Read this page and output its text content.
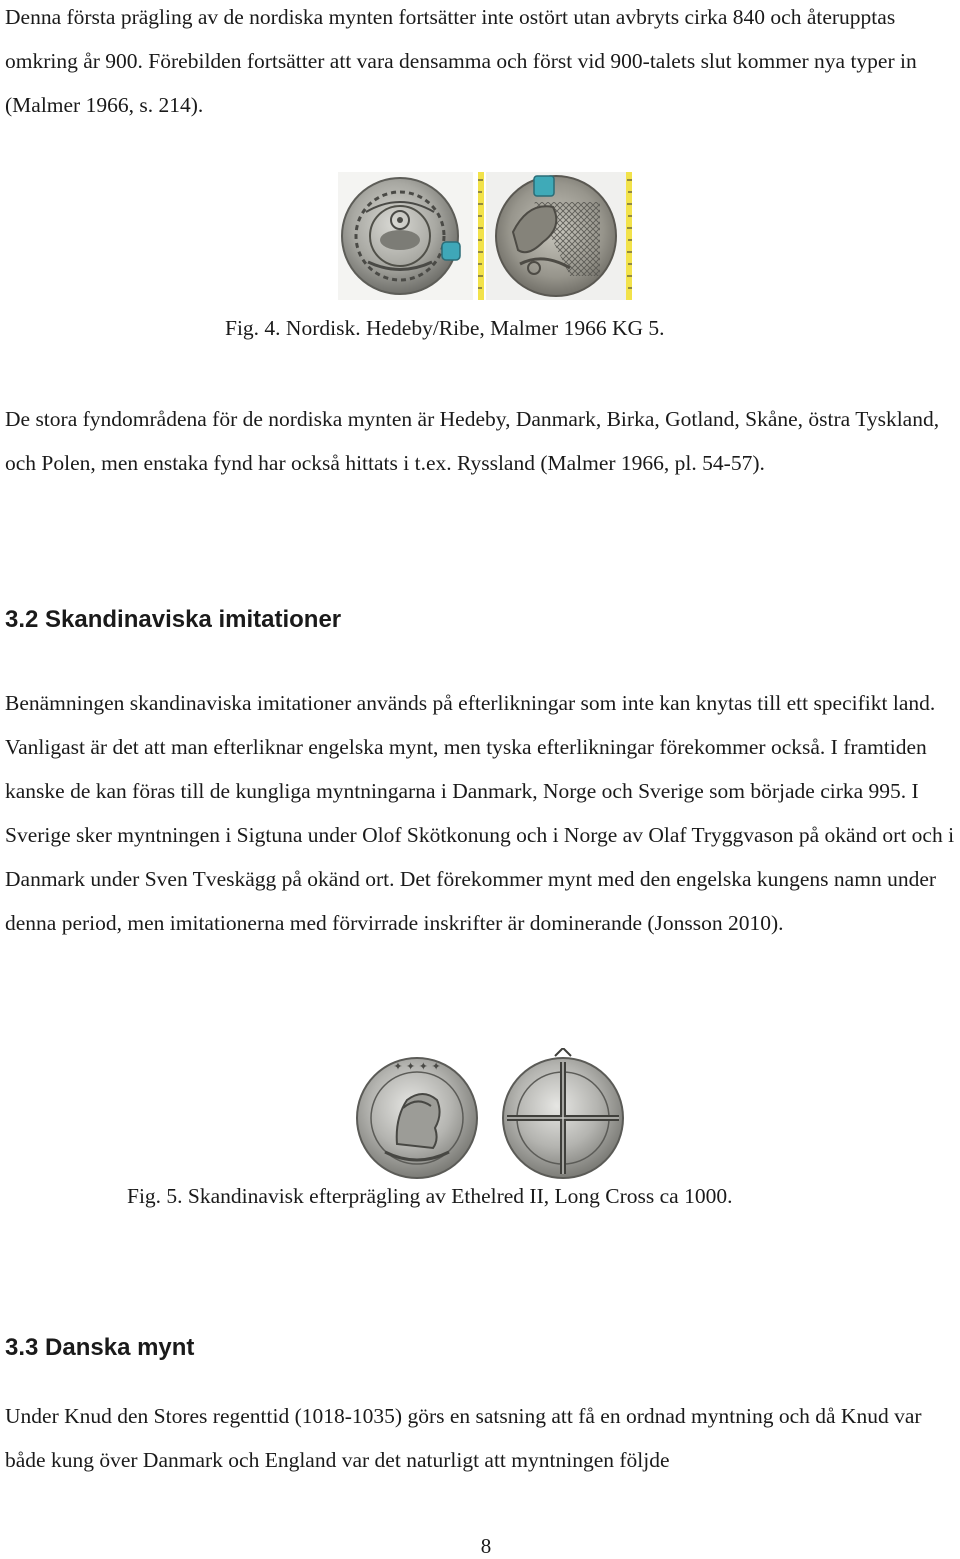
Denna första prägling av de nordiska mynten fortsätter inte ostört utan avbryts cirka 840 och återupptas omkring år 900. Förebilden fortsätter att vara densamma och först vid 900-talets slut kommer nya typer in (Malmer 1966, s. 214).

Fig. 4. Nordisk. Hedeby/Ribe, Malmer 1966 KG 5.

De stora fyndområdena för de nordiska mynten är Hedeby, Danmark, Birka, Gotland, Skåne, östra Tyskland, och Polen, men enstaka fynd har också hittats i t.ex. Ryssland (Malmer 1966, pl. 54-57).

3.2 Skandinaviska imitationer

Benämningen skandinaviska imitationer används på efterlikningar som inte kan knytas till ett specifikt land. Vanligast är det att man efterliknar engelska mynt, men tyska efterlikningar förekommer också. I framtiden kanske de kan föras till de kungliga myntningarna i Danmark, Norge och Sverige som började cirka 995. I Sverige sker myntningen i Sigtuna under Olof Skötkonung och i Norge av Olaf Tryggvason på okänd ort och i Danmark under Sven Tveskägg på okänd ort. Det förekommer mynt med den engelska kungens namn under denna period, men imitationerna med förvirrade inskrifter är dominerande (Jonsson 2010).

✦ ✦ ✦ ✦

Fig. 5. Skandinavisk efterprägling av Ethelred II, Long Cross ca 1000.

3.3 Danska mynt

Under Knud den Stores regenttid (1018-1035) görs en satsning att få en ordnad myntning och då Knud var både kung över Danmark och England var det naturligt att myntningen följde

8
